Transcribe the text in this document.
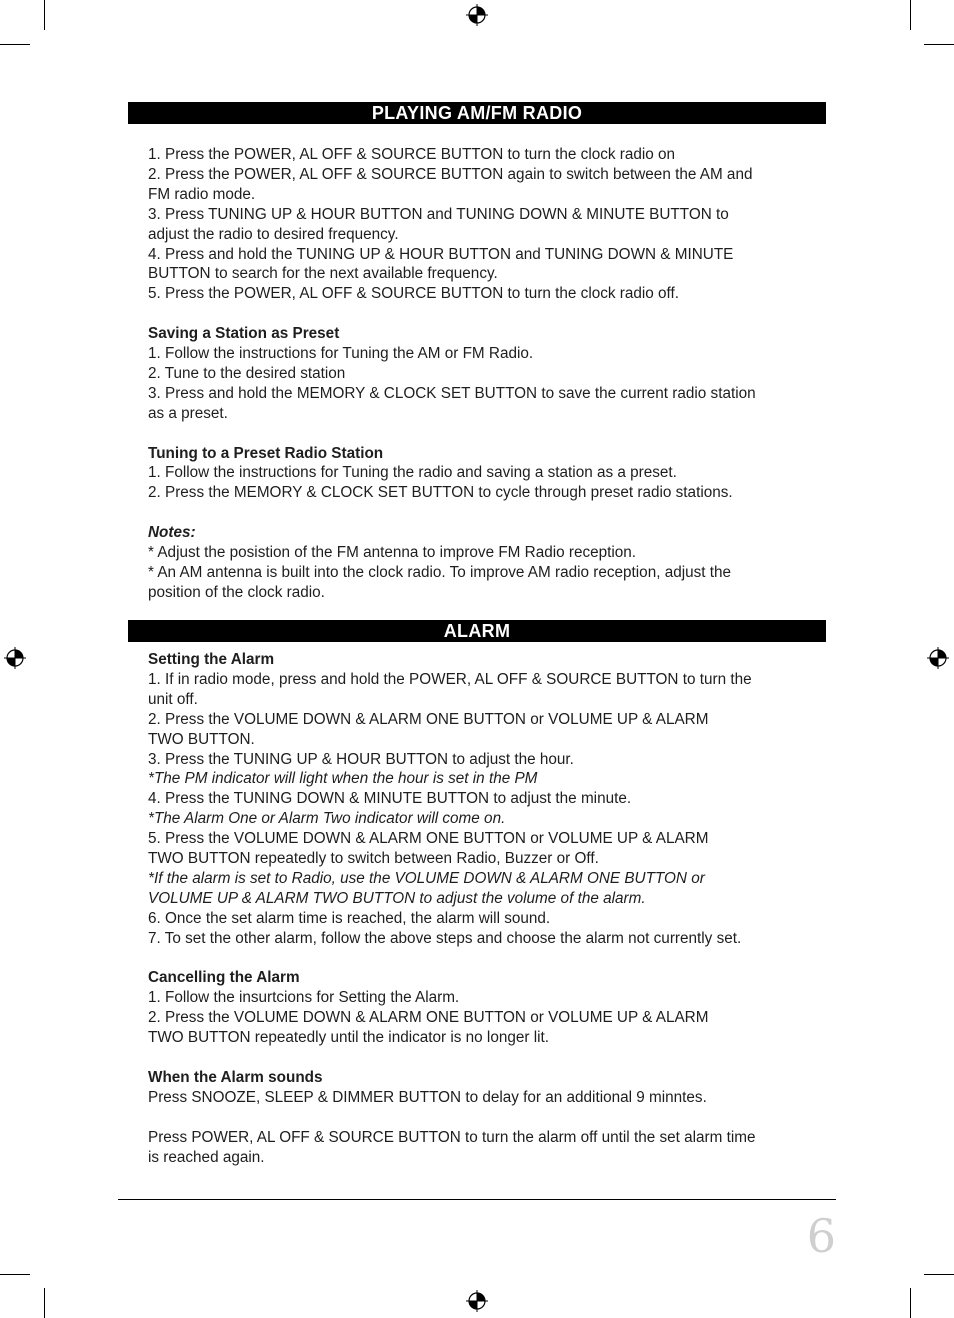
PLAYING AM/FM RADIO

1. Press the POWER, AL OFF & SOURCE BUTTON to turn the clock radio on

2. Press the POWER, AL OFF & SOURCE BUTTON again to switch between the AM and

FM radio mode.

3. Press TUNING UP & HOUR BUTTON and TUNING DOWN & MINUTE BUTTON to

adjust the radio to desired frequency.

4. Press and hold the TUNING UP & HOUR BUTTON and TUNING DOWN & MINUTE

BUTTON to search for the next available frequency.

5. Press the POWER, AL OFF & SOURCE BUTTON to turn the clock radio off.

Saving a Station as Preset

1. Follow the instructions for Tuning the AM or FM Radio.

2. Tune to the desired station

3. Press and hold the MEMORY & CLOCK SET BUTTON to save the current radio station

as a preset.

Tuning to a Preset Radio Station

1. Follow the instructions for Tuning the radio and saving a station as a preset.

2. Press the MEMORY & CLOCK SET BUTTON to cycle through preset radio stations.

Notes:

* Adjust the posistion of the FM antenna to improve FM Radio reception.

* An AM antenna is built into the clock radio. To improve AM radio reception, adjust the

position of the clock radio.

ALARM

Setting the Alarm

1. If in radio mode, press and hold the POWER, AL OFF & SOURCE BUTTON to turn the

unit off.

2. Press the VOLUME DOWN & ALARM ONE BUTTON or VOLUME UP & ALARM

TWO BUTTON.

3. Press the TUNING UP & HOUR BUTTON to adjust the hour.

*The PM indicator will light when the hour is set in the PM

4. Press the TUNING DOWN & MINUTE BUTTON to adjust the minute.

*The Alarm One or Alarm Two indicator will come on.

5. Press the VOLUME DOWN & ALARM ONE BUTTON or VOLUME UP & ALARM

TWO BUTTON repeatedly to switch between Radio, Buzzer or Off.

*If the alarm is set to Radio, use the VOLUME DOWN & ALARM ONE BUTTON or

VOLUME UP & ALARM TWO BUTTON to adjust the volume of the alarm.

6. Once the set alarm time is reached, the alarm will sound.

7. To set the other alarm, follow the above steps and choose the alarm not currently set.

Cancelling the Alarm

1. Follow the insurtcions for Setting the Alarm.

2. Press the VOLUME DOWN & ALARM ONE BUTTON or VOLUME UP & ALARM

TWO BUTTON repeatedly until the indicator is no longer lit.

When the Alarm sounds

Press SNOOZE, SLEEP & DIMMER BUTTON to delay for an additional 9 minntes.

Press POWER, AL OFF & SOURCE BUTTON to turn the alarm off until the set alarm time

is reached again.

6
